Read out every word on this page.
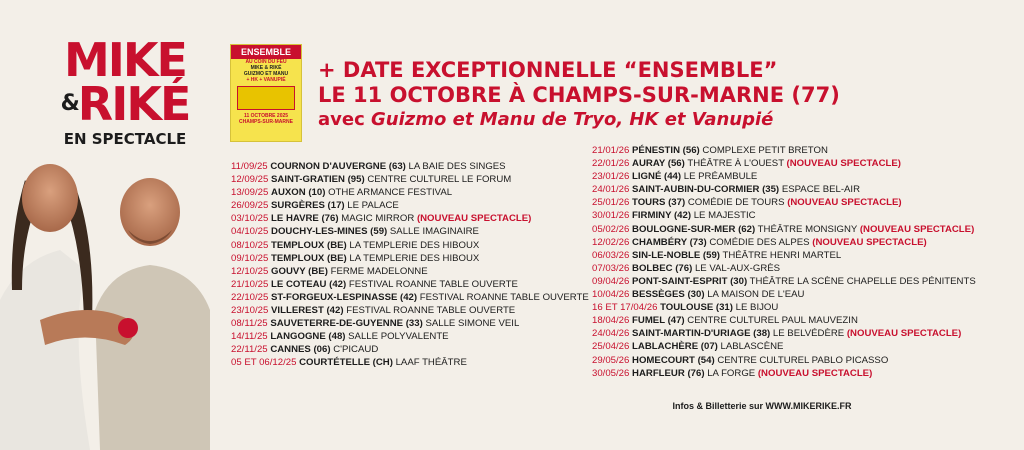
MIKE
&RIKÉ
EN SPECTACLE
ENSEMBLE
AU COIN DU FEU
MIKE & RIKÉ
GUIZMO ET MANU
+ HK + VANUPIÉ
11 OCTOBRE 2025
CHAMPS-SUR-MARNE
+ DATE EXCEPTIONNELLE “ENSEMBLE”
LE 11 OCTOBRE À CHAMPS-SUR-MARNE (77)
avec Guizmo et Manu de Tryo, HK et Vanupié
11/09/25 COURNON D'AUVERGNE (63) LA BAIE DES SINGES
12/09/25 SAINT-GRATIEN (95) CENTRE CULTUREL LE FORUM
13/09/25 AUXON (10) OTHE ARMANCE FESTIVAL
26/09/25 SURGÈRES (17) LE PALACE
03/10/25 LE HAVRE (76) MAGIC MIRROR (NOUVEAU SPECTACLE)
04/10/25 DOUCHY-LES-MINES (59) SALLE IMAGINAIRE
08/10/25 TEMPLOUX (BE) LA TEMPLERIE DES HIBOUX
09/10/25 TEMPLOUX (BE) LA TEMPLERIE DES HIBOUX
12/10/25 GOUVY (BE) FERME MADELONNE
21/10/25 LE COTEAU (42) FESTIVAL ROANNE TABLE OUVERTE
22/10/25 ST-FORGEUX-LESPINASSE (42) FESTIVAL ROANNE TABLE OUVERTE
23/10/25 VILLEREST (42) FESTIVAL ROANNE TABLE OUVERTE
08/11/25 SAUVETERRE-DE-GUYENNE (33) SALLE SIMONE VEIL
14/11/25 LANGOGNE (48) SALLE POLYVALENTE
22/11/25 CANNES (06) C'PICAUD
05 ET 06/12/25 COURTÉTELLE (CH) LAAF THÉÂTRE
21/01/26 PÉNESTIN (56) COMPLEXE PETIT BRETON
22/01/26 AURAY (56) THÉÂTRE À L'OUEST (NOUVEAU SPECTACLE)
23/01/26 LIGNÉ (44) LE PRÉAMBULE
24/01/26 SAINT-AUBIN-DU-CORMIER (35) ESPACE BEL-AIR
25/01/26 TOURS (37) COMÉDIE DE TOURS (NOUVEAU SPECTACLE)
30/01/26 FIRMINY (42) LE MAJESTIC
05/02/26 BOULOGNE-SUR-MER (62) THÉÂTRE MONSIGNY (NOUVEAU SPECTACLE)
12/02/26 CHAMBÉRY (73) COMÉDIE DES ALPES (NOUVEAU SPECTACLE)
06/03/26 SIN-LE-NOBLE (59) THÉÂTRE HENRI MARTEL
07/03/26 BOLBEC (76) LE VAL-AUX-GRÈS
09/04/26 PONT-SAINT-ESPRIT (30) THÉÂTRE LA SCÈNE CHAPELLE DES PÉNITENTS
10/04/26 BESSÈGES (30) LA MAISON DE L'EAU
16 ET 17/04/26 TOULOUSE (31) LE BIJOU
18/04/26 FUMEL (47) CENTRE CULTUREL PAUL MAUVEZIN
24/04/26 SAINT-MARTIN-D'URIAGE (38) LE BELVÉDÈRE (NOUVEAU SPECTACLE)
25/04/26 LABLACHÈRE (07) LABLASCÈNE
29/05/26 HOMECOURT (54) CENTRE CULTUREL PABLO PICASSO
30/05/26 HARFLEUR (76) LA FORGE (NOUVEAU SPECTACLE)
Infos & Billetterie sur WWW.MIKERIKE.FR
